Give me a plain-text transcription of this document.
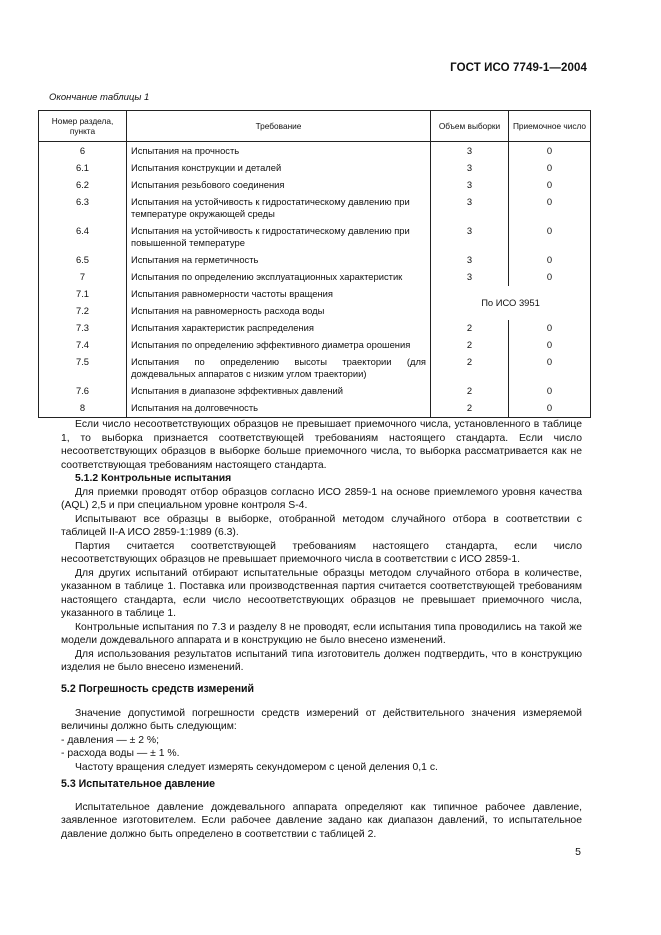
ГОСТ ИСО 7749-1—2004
Окончание таблицы 1
Номер раздела, пункта	Требование	Объем выборки	Приемочное число
6	Испытания на прочность	3	0
6.1	Испытания конструкции и деталей	3	0
6.2	Испытания резьбового соединения	3	0
6.3	Испытания на устойчивость к гидростатическому давлению при температуре окружающей среды	3	0
6.4	Испытания на устойчивость к гидростатическому давлению при повышенной температуре	3	0
6.5	Испытания на герметичность	3	0
7	Испытания по определению эксплуатационных характеристик	3	0
7.1	Испытания равномерности частоты вращения	По ИСО 3951	
7.2	Испытания на равномерность расхода воды		
7.3	Испытания характеристик распределения	2	0
7.4	Испытания по определению эффективного диаметра орошения	2	0
7.5	Испытания по определению высоты траектории (для дождевальных аппаратов с низким углом траектории)	2	0
7.6	Испытания в диапазоне эффективных давлений	2	0
8	Испытания на долговечность	2	0

Если число несоответствующих образцов не превышает приемочного числа, установленного в таблице 1, то выборка признается соответствующей требованиям настоящего стандарта. Если число несоответствующих образцов в выборке больше приемочного числа, то выборка рассматривается как не соответствующая требованиям настоящего стандарта.

5.1.2 Контрольные испытания

Для приемки проводят отбор образцов согласно ИСО 2859-1 на основе приемлемого уровня качества (AQL) 2,5 и при специальном уровне контроля S-4.

Испытывают все образцы в выборке, отобранной методом случайного отбора в соответствии с таблицей II-A ИСО 2859-1:1989 (6.3).

Партия считается соответствующей требованиям настоящего стандарта, если число несоответствующих образцов не превышает приемочного числа в соответствии с ИСО 2859-1.

Для других испытаний отбирают испытательные образцы методом случайного отбора в количестве, указанном в таблице 1. Поставка или производственная партия считается соответствующей требованиям настоящего стандарта, если число несоответствующих образцов не превышает приемочного числа, указанного в таблице 1.

Контрольные испытания по 7.3 и разделу 8 не проводят, если испытания типа проводились на такой же модели дождевального аппарата и в конструкцию не было внесено изменений.

Для использования результатов испытаний типа изготовитель должен подтвердить, что в конструкцию изделия не было внесено изменений.

5.2 Погрешность средств измерений

Значение допустимой погрешности средств измерений от действительного значения измеряемой величины должно быть следующим:

- давления — ± 2 %;

- расхода воды — ± 1 %.

Частоту вращения следует измерять секундомером с ценой деления 0,1 с.

5.3 Испытательное давление

Испытательное давление дождевального аппарата определяют как типичное рабочее давление, заявленное изготовителем. Если рабочее давление задано как диапазон давлений, то испытательное давление должно быть определено в соответствии с таблицей 2.

5
